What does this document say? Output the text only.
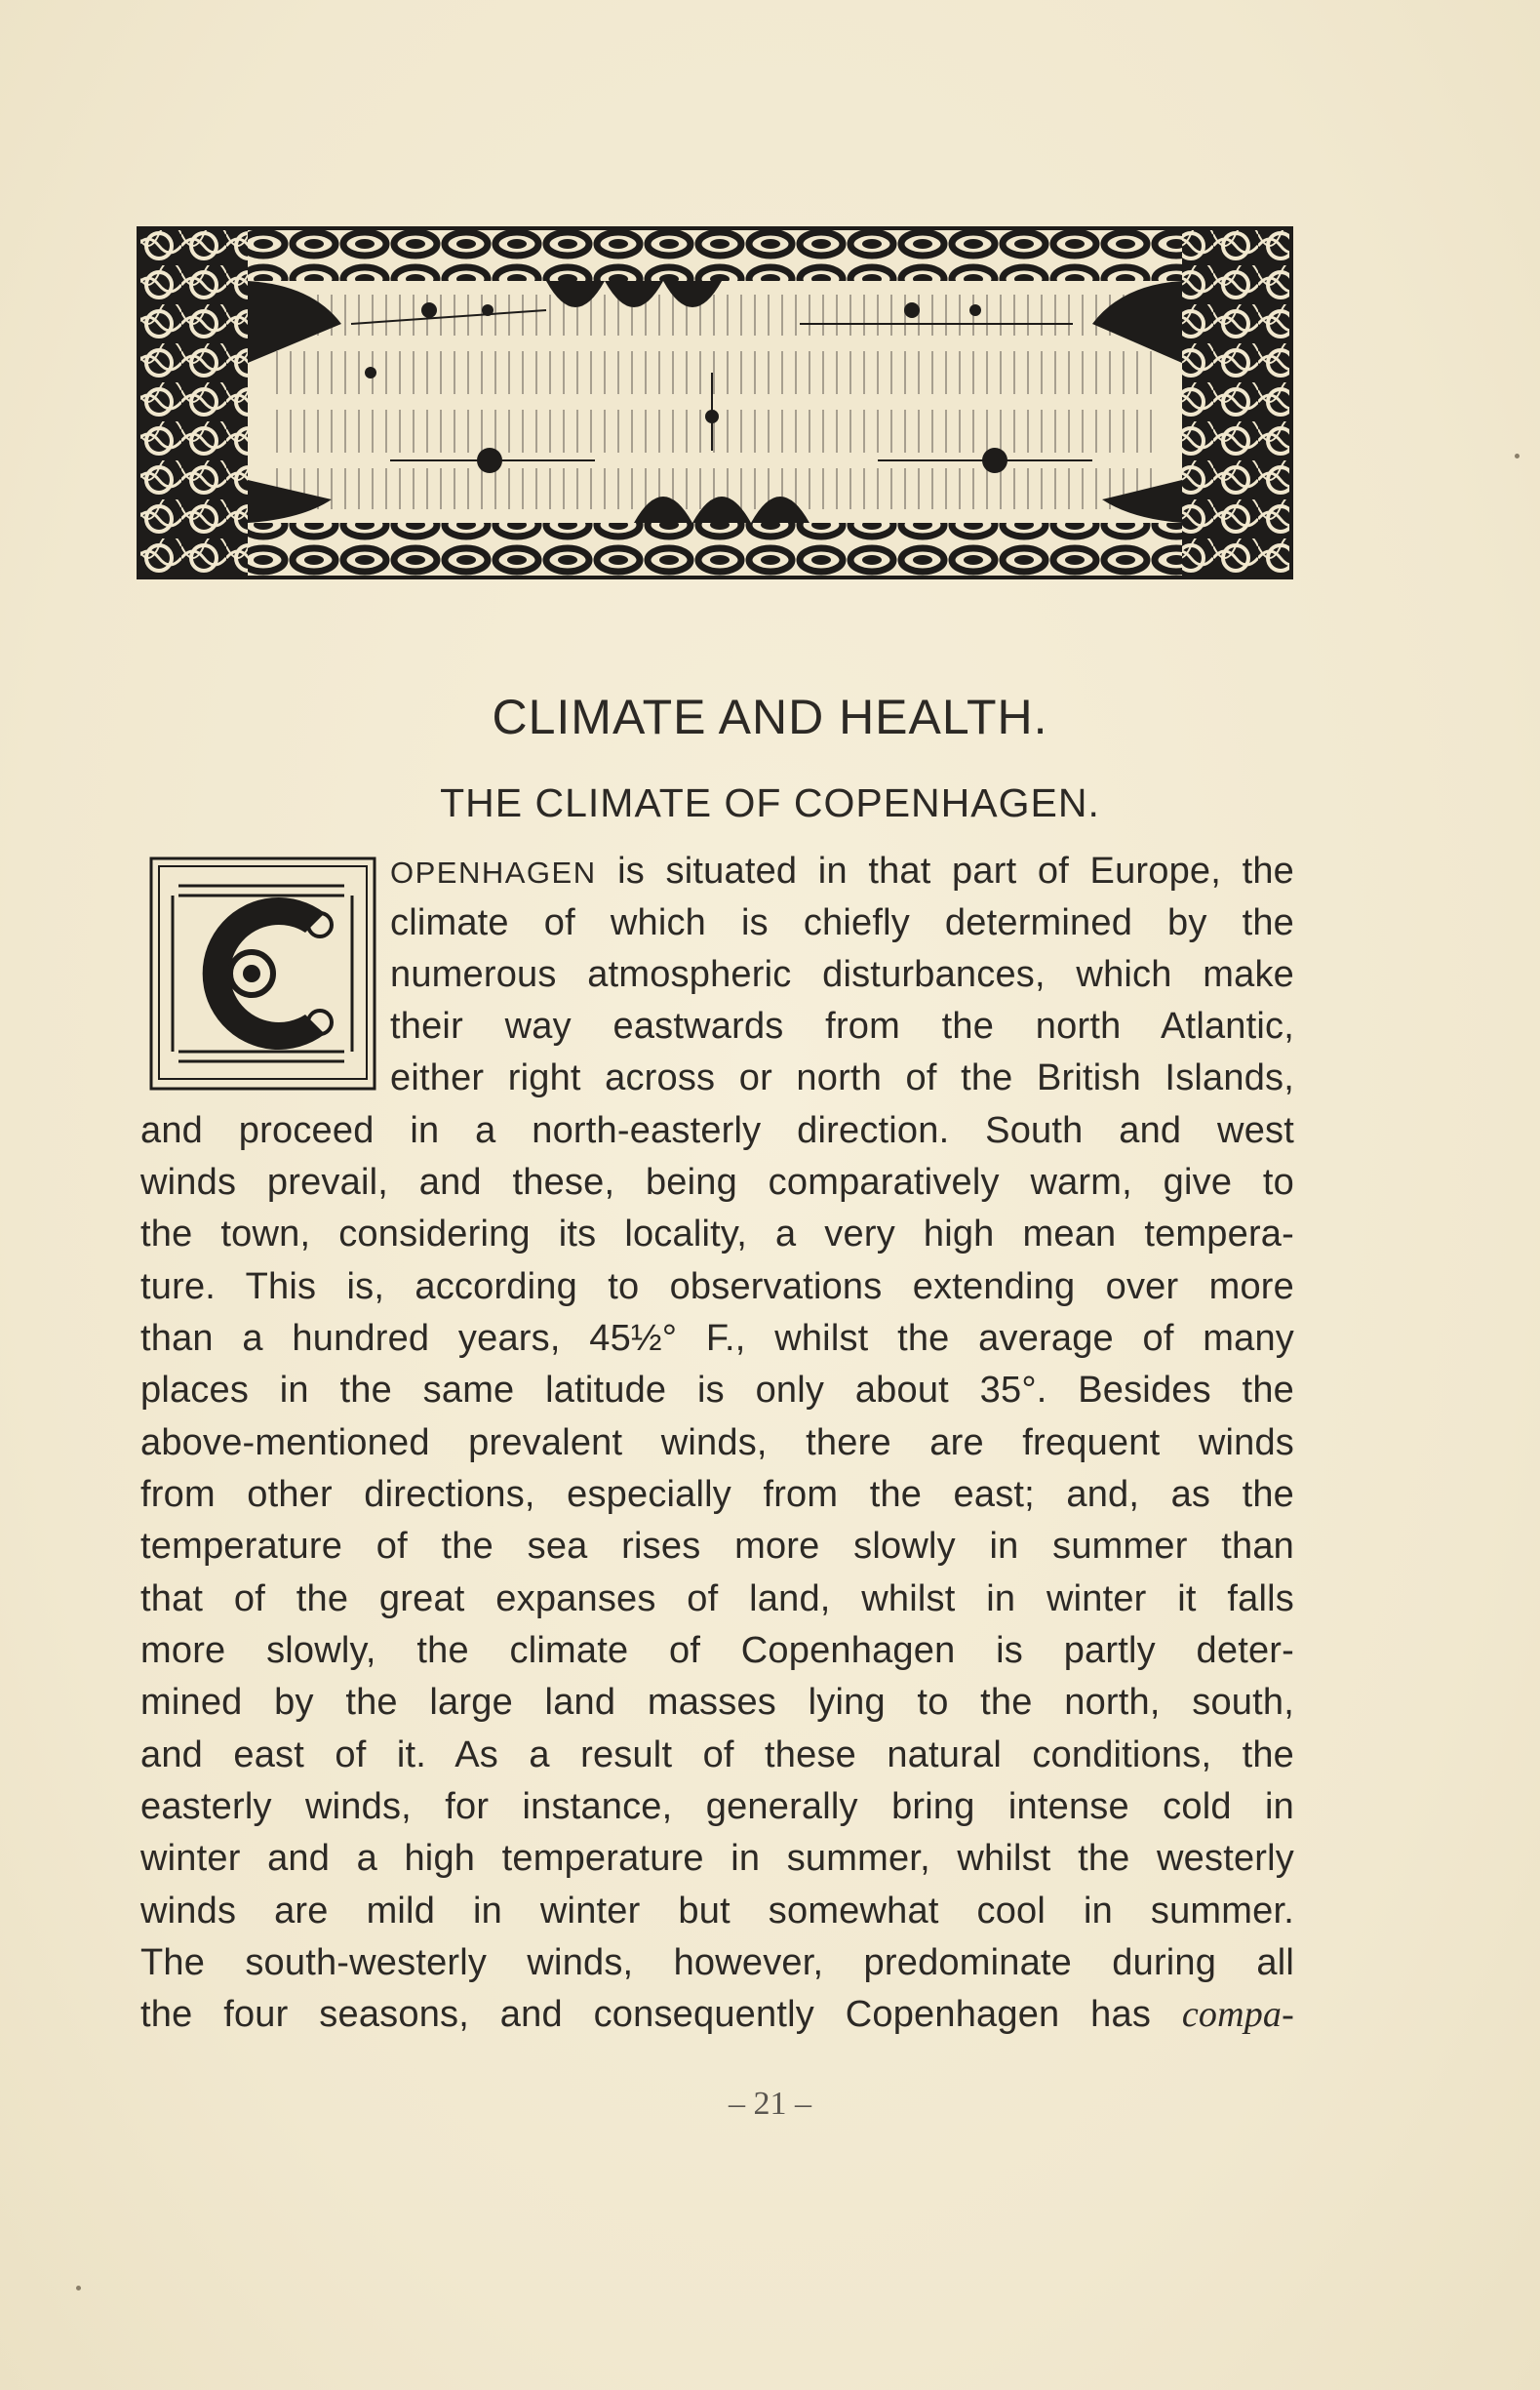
CLIMATE AND HEALTH.
THE CLIMATE OF COPENHAGEN.
OPENHAGEN is situated in that part of Europe, the
climate of which is chiefly determined by the
numerous atmospheric disturbances, which make
their way eastwards from the north Atlantic,
either right across or north of the British Islands,
and proceed in a north-easterly direction. South and west
winds prevail, and these, being comparatively warm, give to
the town, considering its locality, a very high mean tempera-
ture. This is, according to observations extending over more
than a hundred years, 45½° F., whilst the average of many
places in the same latitude is only about 35°. Besides the
above-mentioned prevalent winds, there are frequent winds
from other directions, especially from the east; and, as the
temperature of the sea rises more slowly in summer than
that of the great expanses of land, whilst in winter it falls
more slowly, the climate of Copenhagen is partly deter-
mined by the large land masses lying to the north, south,
and east of it. As a result of these natural conditions, the
easterly winds, for instance, generally bring intense cold in
winter and a high temperature in summer, whilst the westerly
winds are mild in winter but somewhat cool in summer.
The south-westerly winds, however, predominate during all
the four seasons, and consequently Copenhagen has compa-
– 21 –
